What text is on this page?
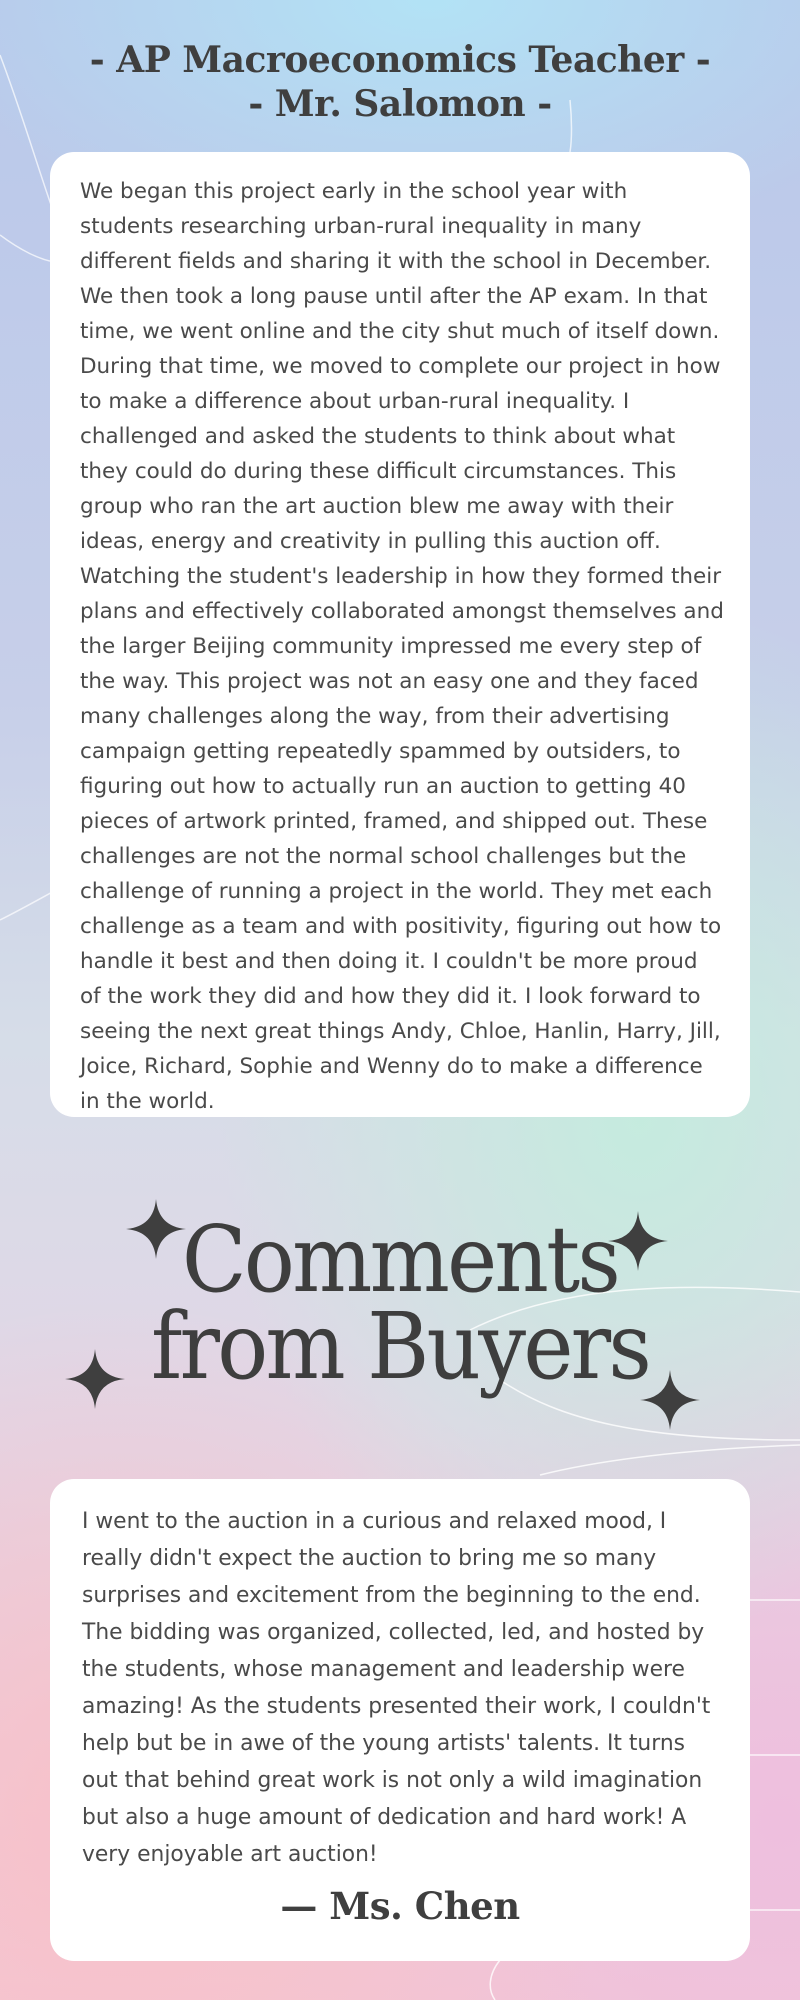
- AP Macroeconomics Teacher -
- Mr. Salomon -

We began this project early in the school year with students researching urban-rural inequality in many different fields and sharing it with the school in December. We then took a long pause until after the AP exam. In that time, we went online and the city shut much of itself down. During that time, we moved to complete our project in how to make a difference about urban-rural inequality. I challenged and asked the students to think about what they could do during these difficult circumstances. This group who ran the art auction blew me away with their ideas, energy and creativity in pulling this auction off. Watching the student's leadership in how they formed their plans and effectively collaborated amongst themselves and the larger Beijing community impressed me every step of the way. This project was not an easy one and they faced many challenges along the way, from their advertising campaign getting repeatedly spammed by outsiders, to figuring out how to actually run an auction to getting 40 pieces of artwork printed, framed, and shipped out. These challenges are not the normal school challenges but the challenge of running a project in the world. They met each challenge as a team and with positivity, figuring out how to handle it best and then doing it. I couldn't be more proud of the work they did and how they did it. I look forward to seeing the next great things Andy, Chloe, Hanlin, Harry, Jill, Joice, Richard, Sophie and Wenny do to make a difference in the world.

Comments
from Buyers

I went to the auction in a curious and relaxed mood, I really didn't expect the auction to bring me so many surprises and excitement from the beginning to the end. The bidding was organized, collected, led, and hosted by the students, whose management and leadership were amazing! As the students presented their work, I couldn't help but be in awe of the young artists' talents. It turns out that behind great work is not only a wild imagination but also a huge amount of dedication and hard work! A very enjoyable art auction!

— Ms. Chen
